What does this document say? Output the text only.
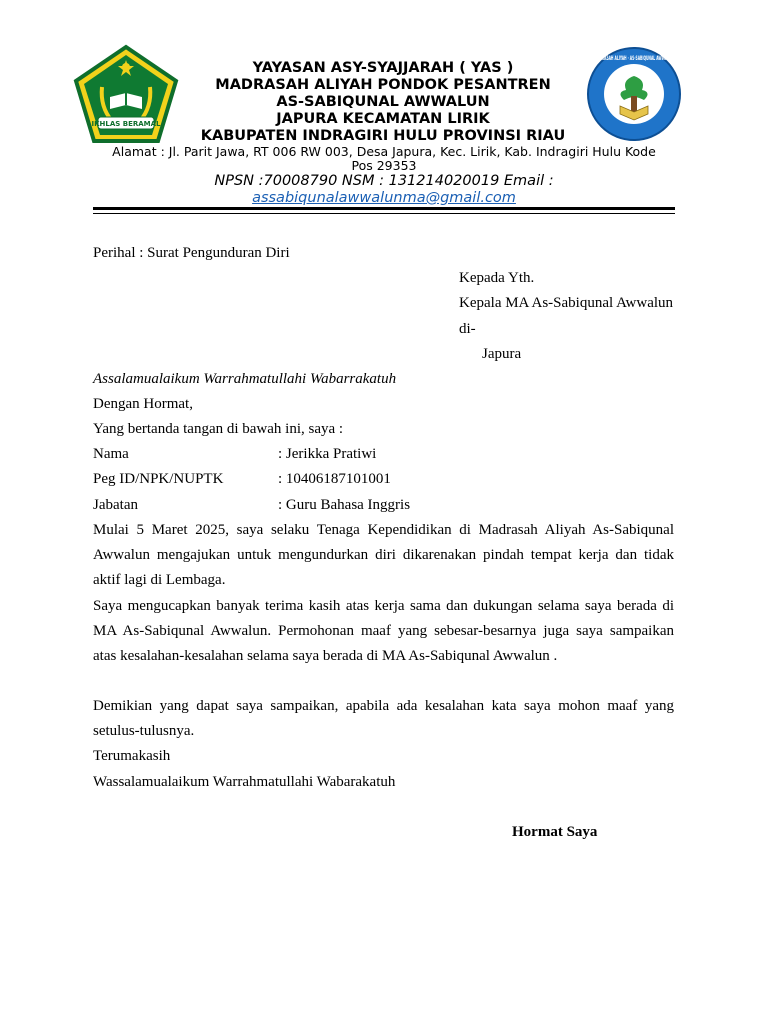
IKHLAS BERAMAL
MADRASAH ALIYAH · AS-SABIQUNAL AWWALUN
YAYASAN ASY-SYAJJARAH ( YAS )
MADRASAH ALIYAH PONDOK PESANTREN
AS-SABIQUNAL AWWALUN
JAPURA KECAMATAN LIRIK
KABUPATEN INDRAGIRI HULU PROVINSI RIAU
Alamat : Jl. Parit Jawa, RT 006 RW 003, Desa Japura, Kec. Lirik, Kab. Indragiri Hulu Kode
Pos 29353
NPSN :70008790 NSM : 131214020019 Email :
assabiqunalawwalunma@gmail.com
Perihal : Surat Pengunduran Diri
Kepada Yth.
Kepala MA As-Sabiqunal Awwalun
di-
Japura
Assalamualaikum Warrahmatullahi Wabarrakatuh
Dengan Hormat,
Yang bertanda tangan di bawah ini, saya :
Nama	: Jerikka Pratiwi
Peg ID/NPK/NUPTK	: 10406187101001
Jabatan	: Guru Bahasa Inggris
Mulai 5 Maret 2025, saya selaku Tenaga Kependidikan di Madrasah Aliyah As-Sabiqunal
Awwalun mengajukan untuk mengundurkan diri dikarenakan pindah tempat kerja dan tidak
aktif lagi di Lembaga.
Saya mengucapkan banyak terima kasih atas kerja sama dan dukungan selama saya berada di
MA As-Sabiqunal Awwalun. Permohonan maaf yang sebesar-besarnya juga saya sampaikan
atas kesalahan-kesalahan selama saya berada di MA As-Sabiqunal Awwalun .
Demikian yang dapat saya sampaikan, apabila ada kesalahan kata saya mohon maaf yang
setulus-tulusnya.
Terumakasih
Wassalamualaikum Warrahmatullahi Wabarakatuh
Hormat Saya
